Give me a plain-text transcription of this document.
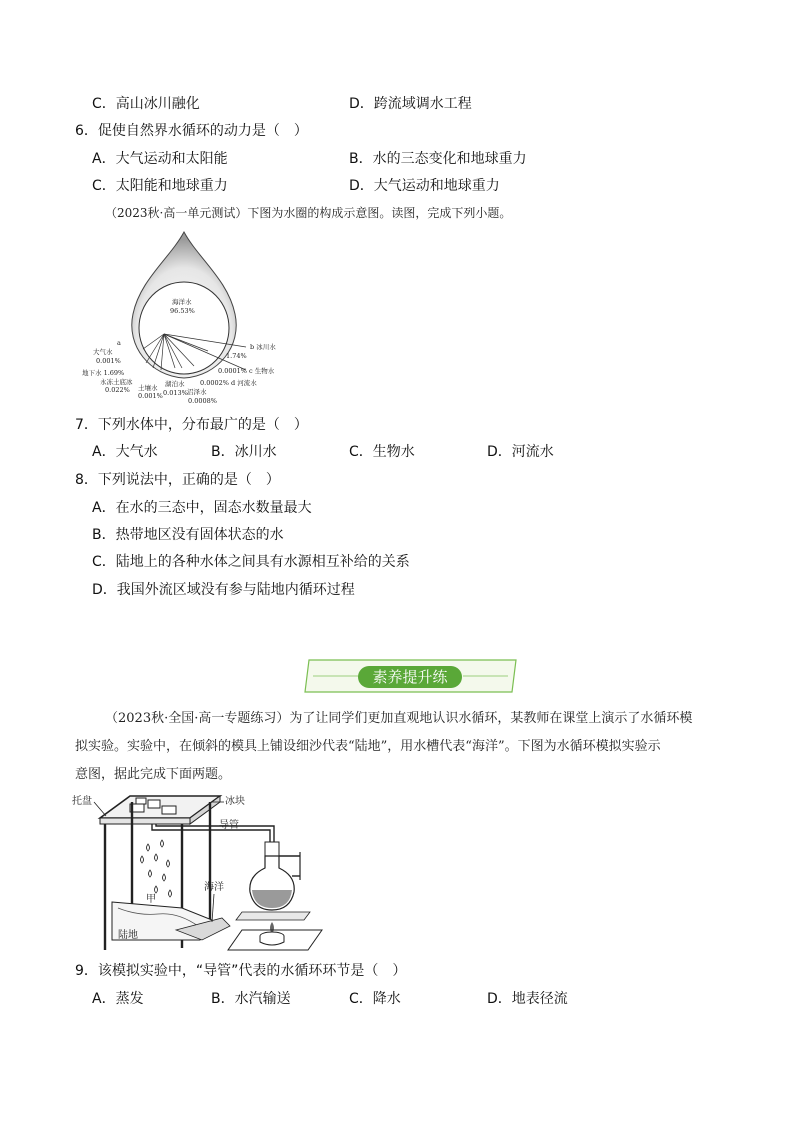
C．高山冰川融化	D．跨流域调水工程
6．促使自然界水循环的动力是（　）
A．大气运动和太阳能	B．水的三态变化和地球重力
C．太阳能和地球重力	D．大气运动和地球重力
（2023秋·高一单元测试）下图为水圈的构成示意图。读图，完成下列小题。
海洋水
96.53%
a
大气水
0.001%
地下水 1.69%
永冻土底冰
0.022% 土壤水
0.001%
湖泊水
0.013% 沼泽水
0.0008%
b 冰川水
1.74%
0.0001% c 生物水
0.0002% d 河流水
7．下列水体中，分布最广的是（　）
A．大气水	B．冰川水	C．生物水	D．河流水
8．下列说法中，正确的是（　）
A．在水的三态中，固态水数量最大
B．热带地区没有固体状态的水
C．陆地上的各种水体之间具有水源相互补给的关系
D．我国外流区域没有参与陆地内循环过程
素养提升练
（2023秋·全国·高一专题练习）为了让同学们更加直观地认识水循环，某教师在课堂上演示了水循环模
拟实验。实验中，在倾斜的模具上铺设细沙代表“陆地”，用水槽代表“海洋”。下图为水循环模拟实验示
意图，据此完成下面两题。
托盘	冰块
导管
海洋
甲
陆地
9．该模拟实验中，“导管”代表的水循环环节是（　）
A．蒸发	B．水汽输送	C．降水	D．地表径流
